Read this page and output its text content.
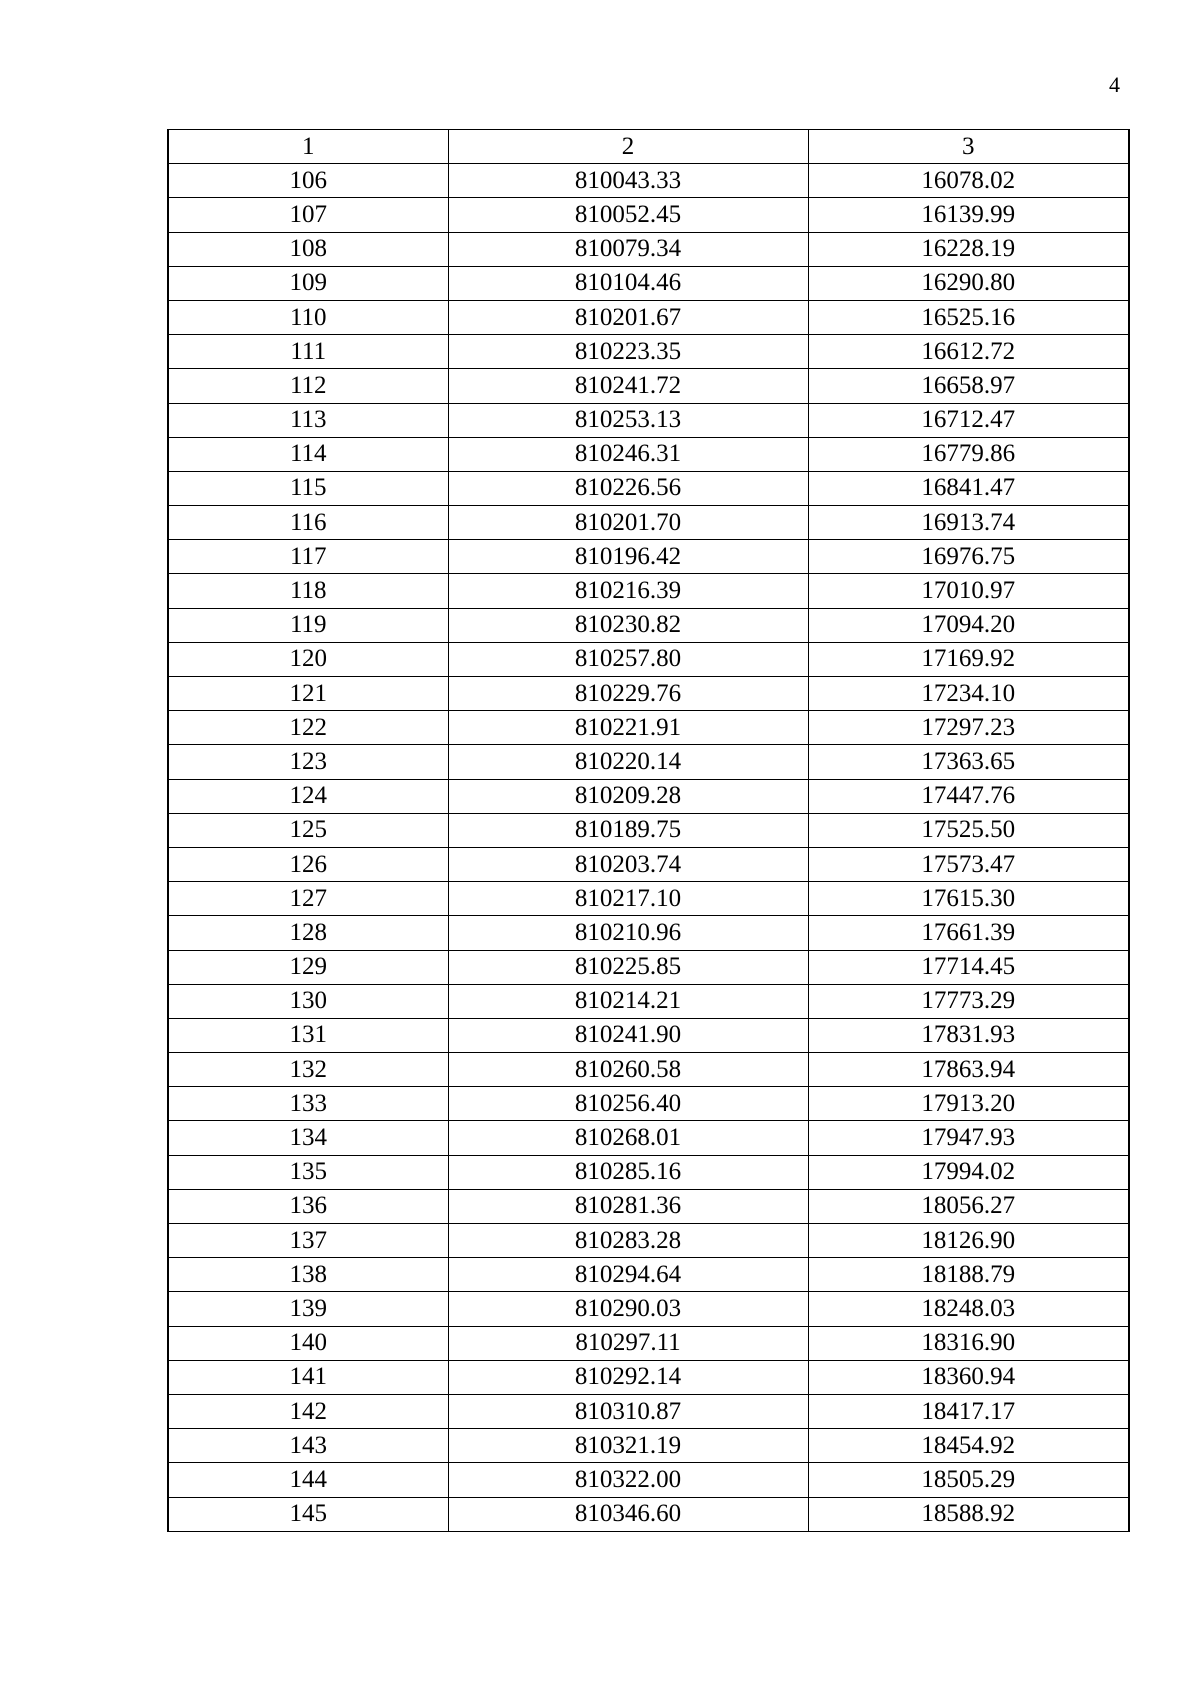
4
1	2	3
106	810043.33	16078.02
107	810052.45	16139.99
108	810079.34	16228.19
109	810104.46	16290.80
110	810201.67	16525.16
111	810223.35	16612.72
112	810241.72	16658.97
113	810253.13	16712.47
114	810246.31	16779.86
115	810226.56	16841.47
116	810201.70	16913.74
117	810196.42	16976.75
118	810216.39	17010.97
119	810230.82	17094.20
120	810257.80	17169.92
121	810229.76	17234.10
122	810221.91	17297.23
123	810220.14	17363.65
124	810209.28	17447.76
125	810189.75	17525.50
126	810203.74	17573.47
127	810217.10	17615.30
128	810210.96	17661.39
129	810225.85	17714.45
130	810214.21	17773.29
131	810241.90	17831.93
132	810260.58	17863.94
133	810256.40	17913.20
134	810268.01	17947.93
135	810285.16	17994.02
136	810281.36	18056.27
137	810283.28	18126.90
138	810294.64	18188.79
139	810290.03	18248.03
140	810297.11	18316.90
141	810292.14	18360.94
142	810310.87	18417.17
143	810321.19	18454.92
144	810322.00	18505.29
145	810346.60	18588.92
